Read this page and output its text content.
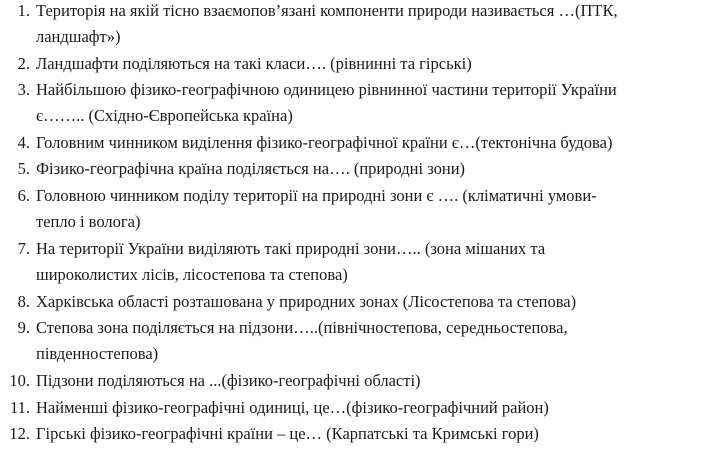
1. Територія на якій тісно взаємопов’язані компоненти природи називається …(ПТК,
ландшафт»)
2. Ландшафти поділяються на такі класи…. (рівнинні та гірські)
3. Найбільшою фізико-географічною одиницею рівнинної частини території України
є…….. (Східно-Європейська країна)
4. Головним чинником виділення фізико-географічної країни є…(тектонічна будова)
5. Фізико-географічна країна поділяється на…. (природні зони)
6. Головною чинником поділу території на природні зони є …. (кліматичні умови-
тепло і волога)
7. На території України виділяють такі природні зони….. (зона мішаних та
широколистих лісів, лісостепова та степова)
8. Харківська області розташована у природних зонах (Лісостепова та степова)
9. Степова зона поділяється на підзони…..(північностепова, середньостепова,
південностепова)
10. Підзони поділяються на ...(фізико-географічні області)
11. Найменші фізико-географічні одиниці, це…(фізико-географічний район)
12. Гірські фізико-географічні країни – це… (Карпатські та Кримські гори)
